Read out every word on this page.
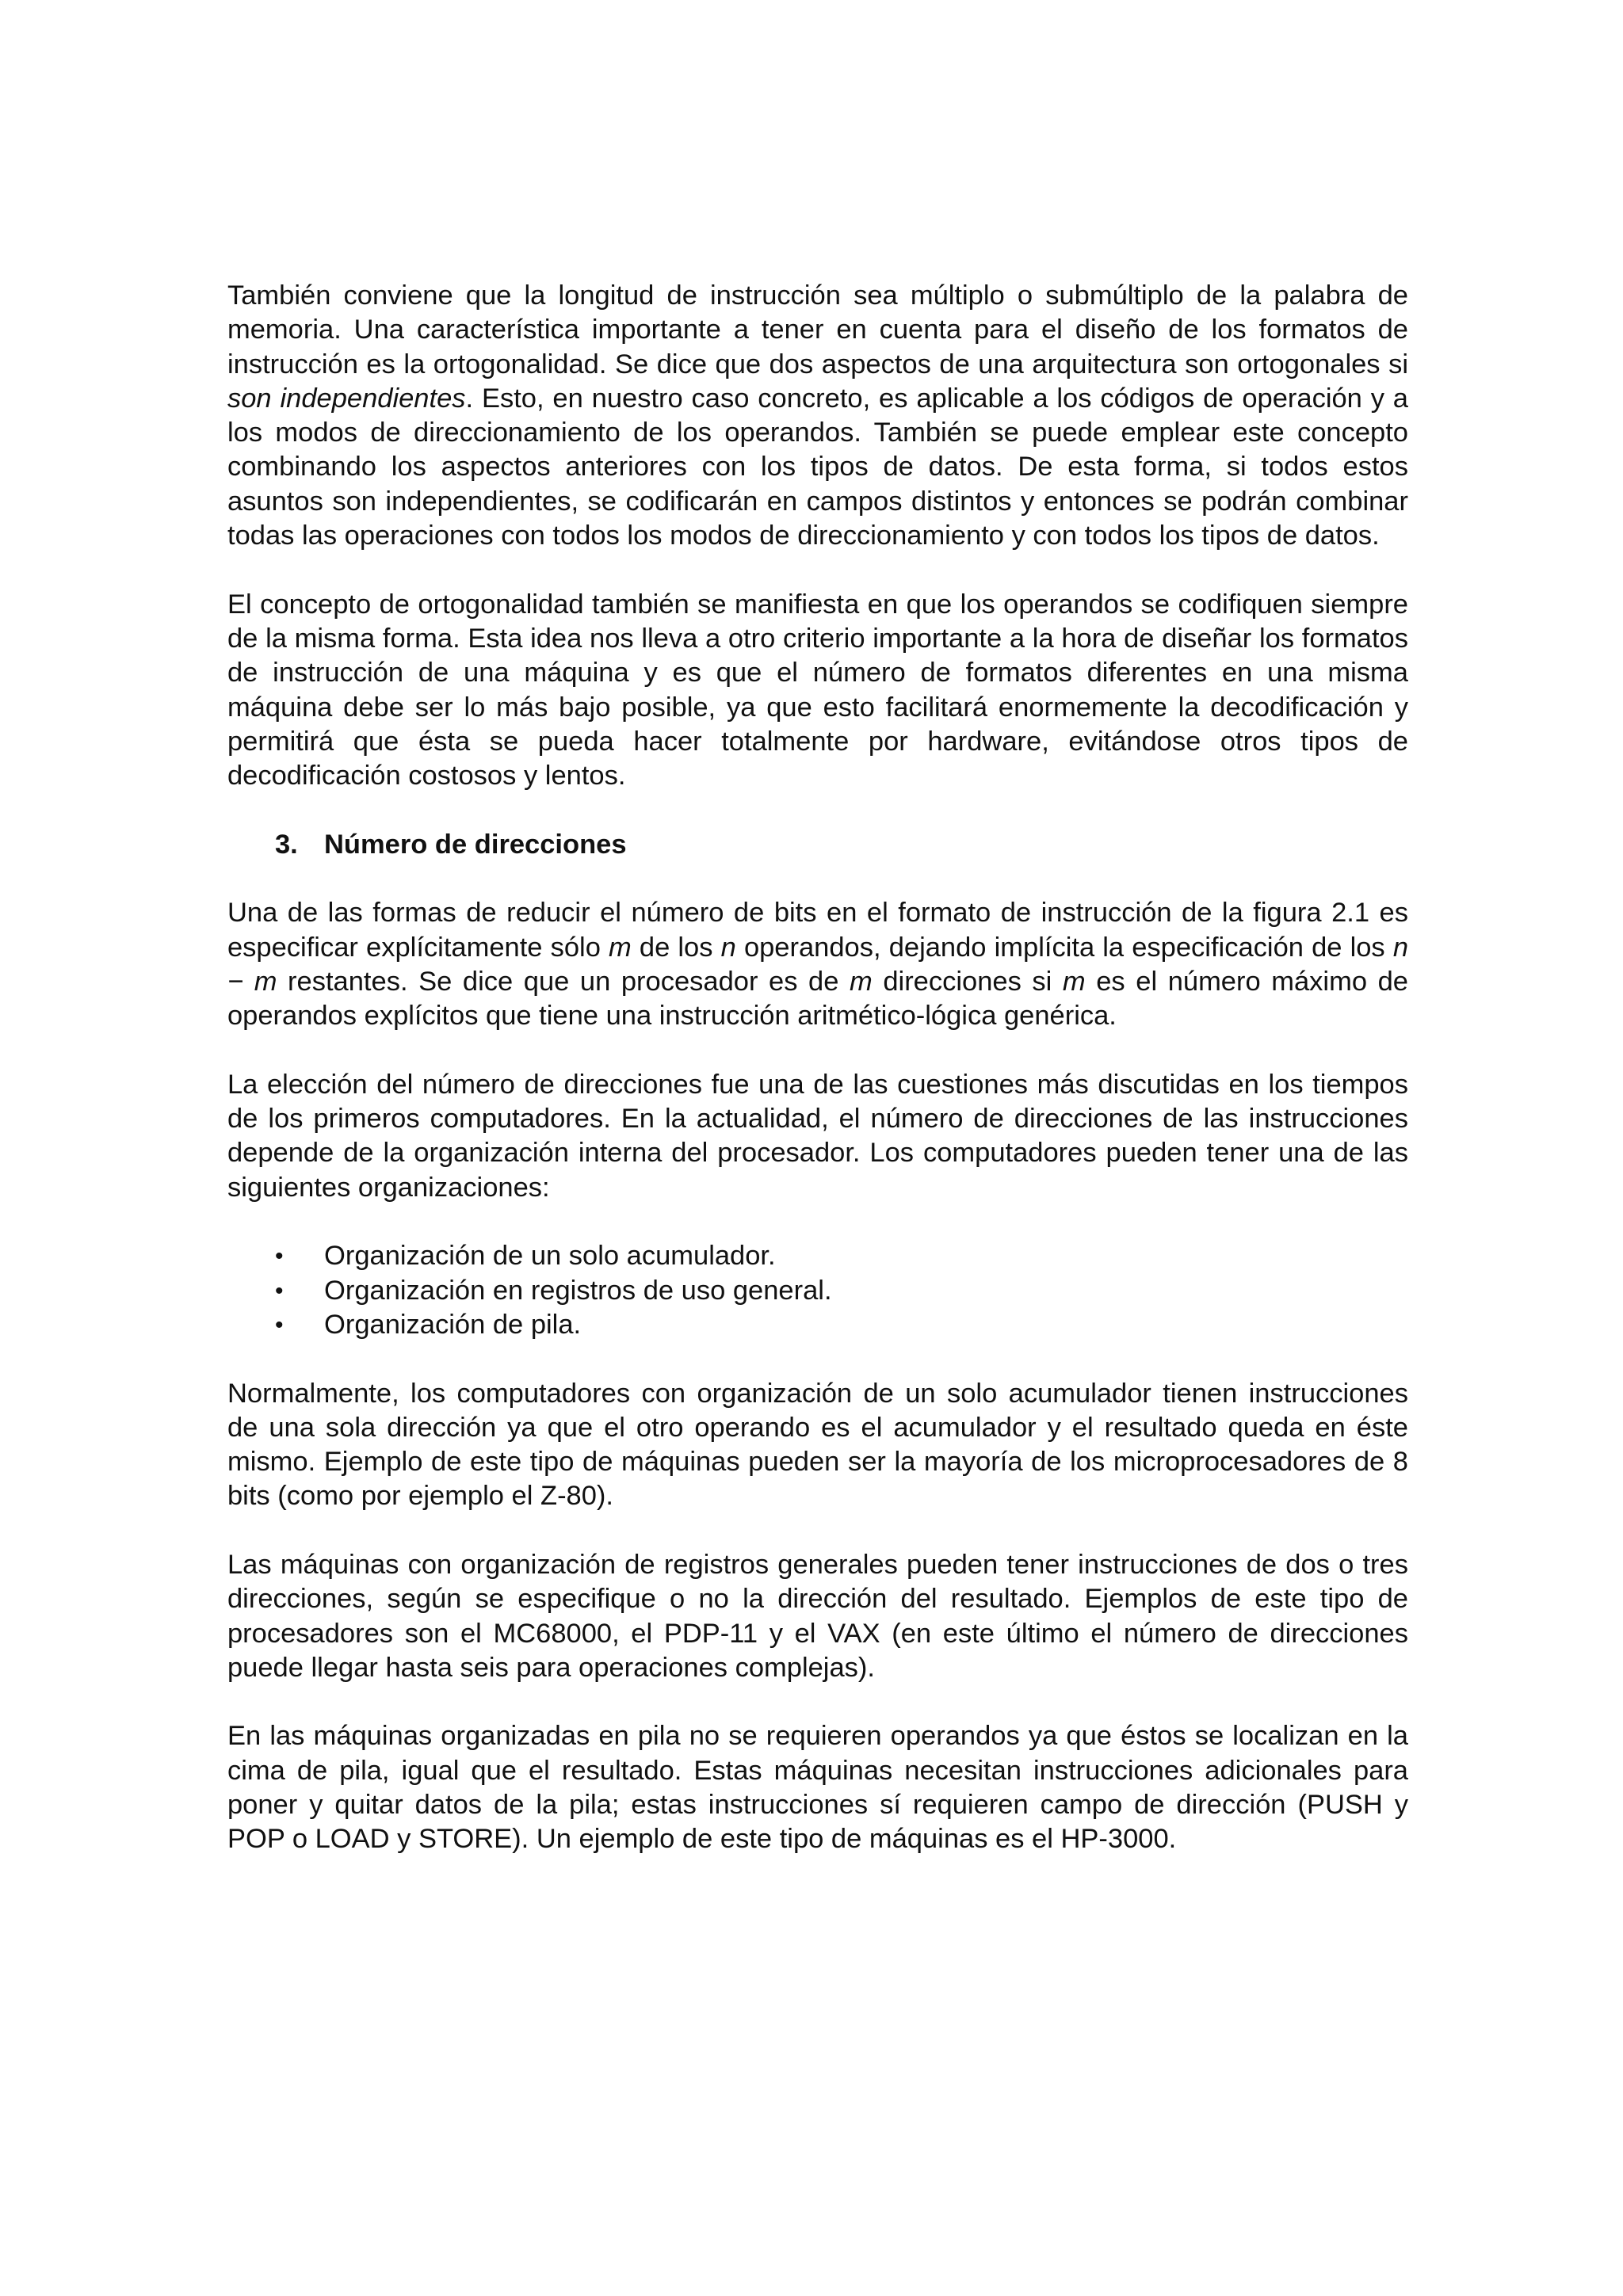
También conviene que la longitud de instrucción sea múltiplo o submúltiplo de la palabra de memoria. Una característica importante a tener en cuenta para el diseño de los formatos de instrucción es la ortogonalidad. Se dice que dos aspectos de una arquitectura son ortogonales si son independientes. Esto, en nuestro caso concreto, es aplicable a los códigos de operación y a los modos de direccionamiento de los operandos. También se puede emplear este concepto combinando los aspectos anteriores con los tipos de datos. De esta forma, si todos estos asuntos son independientes, se codificarán en campos distintos y entonces se podrán combinar todas las operaciones con todos los modos de direccionamiento y con todos los tipos de datos.

El concepto de ortogonalidad también se manifiesta en que los operandos se codifiquen siempre de la misma forma. Esta idea nos lleva a otro criterio importante a la hora de diseñar los formatos de instrucción de una máquina y es que el número de formatos diferentes en una misma máquina debe ser lo más bajo posible, ya que esto facilitará enormemente la decodificación y permitirá que ésta se pueda hacer totalmente por hardware, evitándose otros tipos de decodificación costosos y lentos.

3. Número de direcciones

Una de las formas de reducir el número de bits en el formato de instrucción de la figura 2.1 es especificar explícitamente sólo m de los n operandos, dejando implícita la especificación de los n − m restantes. Se dice que un procesador es de m direcciones si m es el número máximo de operandos explícitos que tiene una instrucción aritmético-lógica genérica.

La elección del número de direcciones fue una de las cuestiones más discutidas en los tiempos de los primeros computadores. En la actualidad, el número de direcciones de las instrucciones depende de la organización interna del procesador. Los computadores pueden tener una de las siguientes organizaciones:

•	Organización de un solo acumulador.
•	Organización en registros de uso general.
•	Organización de pila.

Normalmente, los computadores con organización de un solo acumulador tienen instrucciones de una sola dirección ya que el otro operando es el acumulador y el resultado queda en éste mismo. Ejemplo de este tipo de máquinas pueden ser la mayoría de los microprocesadores de 8 bits (como por ejemplo el Z-80).

Las máquinas con organización de registros generales pueden tener instrucciones de dos o tres direcciones, según se especifique o no la dirección del resultado. Ejemplos de este tipo de procesadores son el MC68000, el PDP-11 y el VAX (en este último el número de direcciones puede llegar hasta seis para operaciones complejas).

En las máquinas organizadas en pila no se requieren operandos ya que éstos se localizan en la cima de pila, igual que el resultado. Estas máquinas necesitan instrucciones adicionales para poner y quitar datos de la pila; estas instrucciones sí requieren campo de dirección (PUSH y POP o LOAD y STORE). Un ejemplo de este tipo de máquinas es el HP-3000.
